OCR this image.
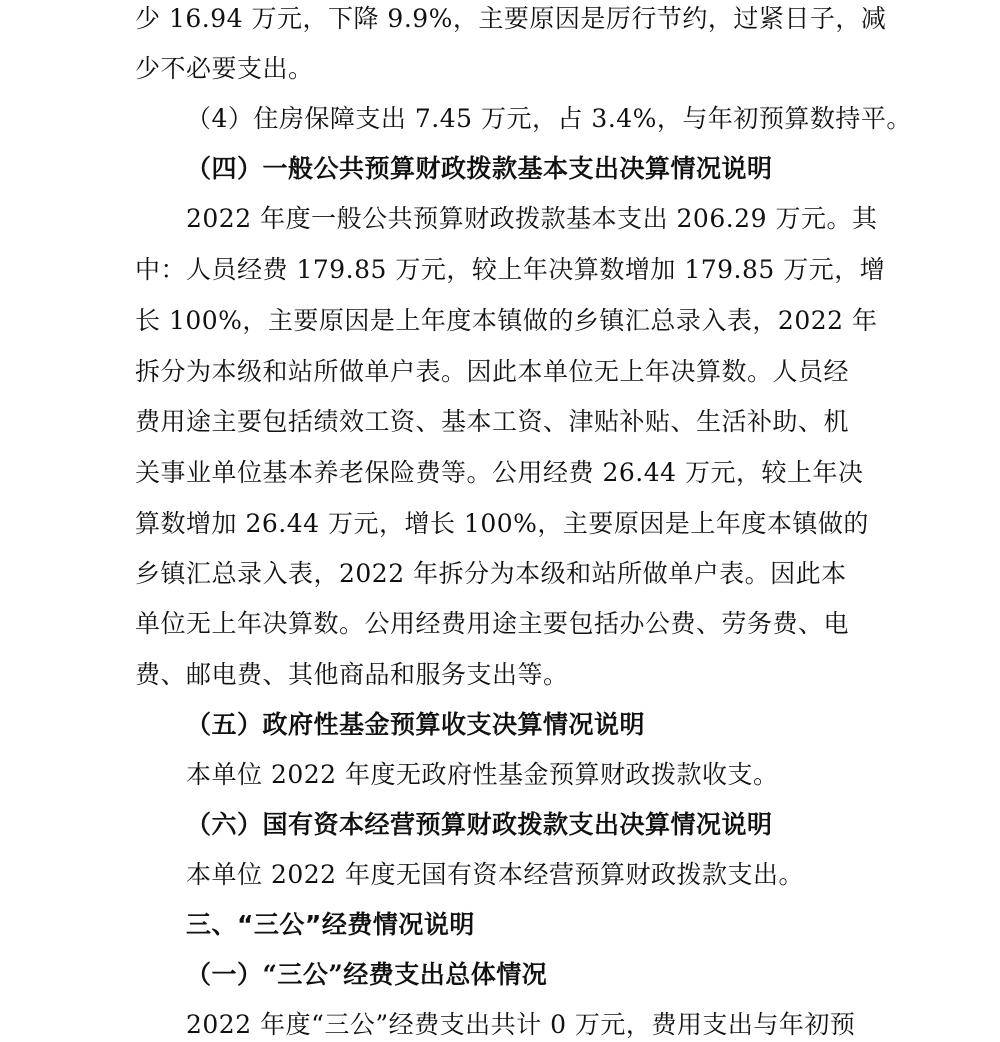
少 16.94 万元，下降 9.9%，主要原因是厉行节约，过紧日子，减
少不必要支出。
（4）住房保障支出 7.45 万元，占 3.4%，与年初预算数持平。
（四）一般公共预算财政拨款基本支出决算情况说明
2022 年度一般公共预算财政拨款基本支出 206.29 万元。其
中：人员经费 179.85 万元，较上年决算数增加 179.85 万元，增
长 100%，主要原因是上年度本镇做的乡镇汇总录入表，2022 年
拆分为本级和站所做单户表。因此本单位无上年决算数。人员经
费用途主要包括绩效工资、基本工资、津贴补贴、生活补助、机
关事业单位基本养老保险费等。公用经费 26.44 万元，较上年决
算数增加 26.44 万元，增长 100%，主要原因是上年度本镇做的
乡镇汇总录入表，2022 年拆分为本级和站所做单户表。因此本
单位无上年决算数。公用经费用途主要包括办公费、劳务费、电
费、邮电费、其他商品和服务支出等。
（五）政府性基金预算收支决算情况说明
本单位 2022 年度无政府性基金预算财政拨款收支。
（六）国有资本经营预算财政拨款支出决算情况说明
本单位 2022 年度无国有资本经营预算财政拨款支出。
三、“三公”经费情况说明
（一）“三公”经费支出总体情况
2022 年度“三公”经费支出共计 0 万元，费用支出与年初预
